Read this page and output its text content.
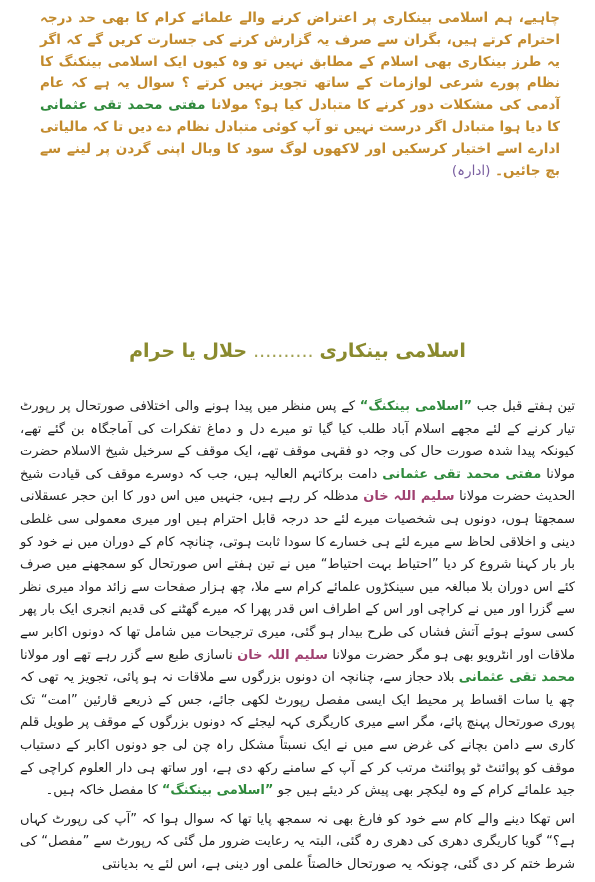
چاہیے، ہم اسلامی بینکاری پر اعتراض کرنے والے علمائے کرام کا بھی حد درجہ احترام کرتے ہیں، بگران سے صرف یہ گزارش کرنے کی جسارت کریں گے کہ اگر یہ طرز بینکاری بھی اسلام کے مطابق نہیں تو وہ کیوں ایک اسلامی بینکنگ کا نظام پورے شرعی لوازمات کے ساتھ تجویز نہیں کرتے ؟ سوال یہ ہے کہ عام آدمی کی مشکلات دور کرنے کا متبادل کیا ہو؟ مولانا مفتی محمد تقی عثمانی کا دیا ہوا متبادل اگر درست نہیں تو آپ کوئی متبادل نظام دے دیں تا کہ مالیاتی ادارے اسے اختیار کرسکیں اور لاکھوں لوگ سود کا وبال اپنی گردن پر لینے سے بچ جائیں۔ (ادارہ)
اسلامی بینکاری..........حلال یا حرام

تین ہفتے قبل جب ”اسلامی بینکنگ“ کے پس منظر میں پیدا ہونے والی اختلافی صورتحال پر رپورٹ تیار کرنے کے لئے مجھے اسلام آباد طلب کیا گیا تو میرے دل و دماغ تفکرات کی آماجگاہ بن گئے تھے، کیونکہ پیدا شدہ صورت حال کی وجہ دو فقہی موقف تھے، ایک موقف کے سرخیل شیخ الاسلام حضرت مولانا مفتی محمد تقی عثمانی دامت برکاتہم العالیہ ہیں، جب کہ دوسرے موقف کی قیادت شیخ الحدیث حضرت مولانا سلیم اللہ خان مدظلہ کر رہے ہیں، جنہیں میں اس دور کا ابن حجر عسقلانی سمجھتا ہوں، دونوں ہی شخصیات میرے لئے حد درجہ قابل احترام ہیں اور میری معمولی سی غلطی دینی و اخلاقی لحاظ سے میرے لئے ہی خسارے کا سودا ثابت ہوتی، چنانچہ کام کے دوران میں نے خود کو بار بار کہنا شروع کر دیا ”احتیاط بہت احتیاط“ میں نے تین ہفتے اس صورتحال کو سمجھنے میں صرف کئے اس دوران بلا مبالغہ میں سینکڑوں علمائے کرام سے ملا، چھ ہزار صفحات سے زائد مواد میری نظر سے گزرا اور میں نے کراچی اور اس کے اطراف اس قدر پھرا کہ میرے گھٹنے کی قدیم انجری ایک بار پھر کسی سوئے ہوئے آتش فشاں کی طرح بیدار ہو گئی، میری ترجیحات میں شامل تھا کہ دونوں اکابر سے ملاقات اور انٹرویو بھی ہو مگر حضرت مولانا سلیم اللہ خان ناسازی طبع سے گزر رہے تھے اور مولانا محمد تقی عثمانی بلاد حجاز سے، چنانچہ ان دونوں بزرگوں سے ملاقات نہ ہو پائی، تجویز یہ تھی کہ چھ یا سات اقساط پر محیط ایک ایسی مفصل رپورٹ لکھی جائے، جس کے ذریعے قارئین ”امت“ تک پوری صورتحال پہنچ پائے، مگر اسے میری کاریگری کہہ لیجئے کہ دونوں بزرگوں کے موقف پر طویل قلم کاری سے دامن بچانے کی غرض سے میں نے ایک نسبتاً مشکل راہ چن لی جو دونوں اکابر کے دستیاب موقف کو پوائنٹ ٹو پوائنٹ مرتب کر کے آپ کے سامنے رکھ دی ہے، اور ساتھ ہی دار العلوم کراچی کے جید علمائے کرام کے وہ لیکچر بھی پیش کر دیئے ہیں جو ”اسلامی بینکنگ“ کا مفصل خاکہ ہیں۔

اس تھکا دینے والے کام سے خود کو فارغ بھی نہ سمجھ پایا تھا کہ سوال ہوا کہ ”آپ کی رپورٹ کہاں ہے؟“ گویا کاریگری دھری کی دھری رہ گئی، البتہ یہ رعایت ضرور مل گئی کہ رپورٹ سے ”مفصل“ کی شرط ختم کر دی گئی، چونکہ یہ صورتحال خالصتاً علمی اور دینی ہے، اس لئے یہ بدیانتی
